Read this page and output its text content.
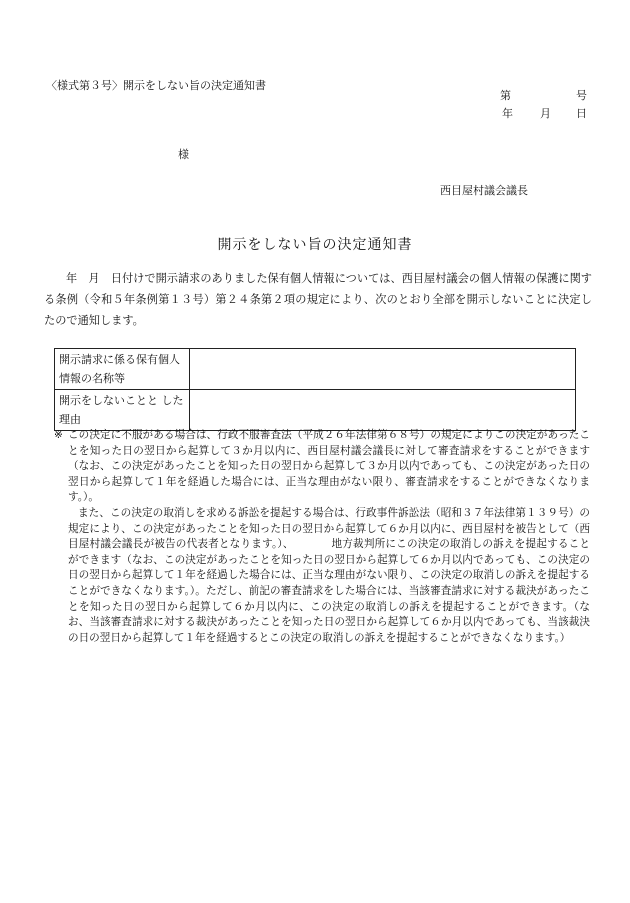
〈様式第３号〉開示をしない旨の決定通知書
第	号
年 月 日
様
西目屋村議会議長
開示をしない旨の決定通知書

年　月　日付けで開示請求のありました保有個人情報については、西目屋村議会の個人情報の保護に関する条例（令和５年条例第１３号）第２４条第２項の規定により、次のとおり全部を開示しないことに決定したので通知します。

開示請求に係る保有個人情報の名称等	
開示をしないことと した理由	
※ この決定に不服がある場合は、行政不服審査法（平成２６年法律第６８号）の規定によりこの決定があったことを知った日の翌日から起算して３か月以内に、西目屋村議会議長に対して審査請求をすることができます（なお、この決定があったことを知った日の翌日から起算して３か月以内であっても、この決定があった日の翌日から起算して１年を経過した場合には、正当な理由がない限り、審査請求をすることができなくなります。）。

また、この決定の取消しを求める訴訟を提起する場合は、行政事件訴訟法（昭和３７年法律第１３９号）の規定により、この決定があったことを知った日の翌日から起算して６か月以内に、西目屋村を被告として（西目屋村議会議長が被告の代表者となります。）、　　　　地方裁判所にこの決定の取消しの訴えを提起することができます（なお、この決定があったことを知った日の翌日から起算して６か月以内であっても、この決定の日の翌日から起算して１年を経過した場合には、正当な理由がない限り、この決定の取消しの訴えを提起することができなくなります。）。ただし、前記の審査請求をした場合には、当該審査請求に対する裁決があったことを知った日の翌日から起算して６か月以内に、この決定の取消しの訴えを提起することができます。（なお、当該審査請求に対する裁決があったことを知った日の翌日から起算して６か月以内であっても、当該裁決の日の翌日から起算して１年を経過するとこの決定の取消しの訴えを提起することができなくなります。）
